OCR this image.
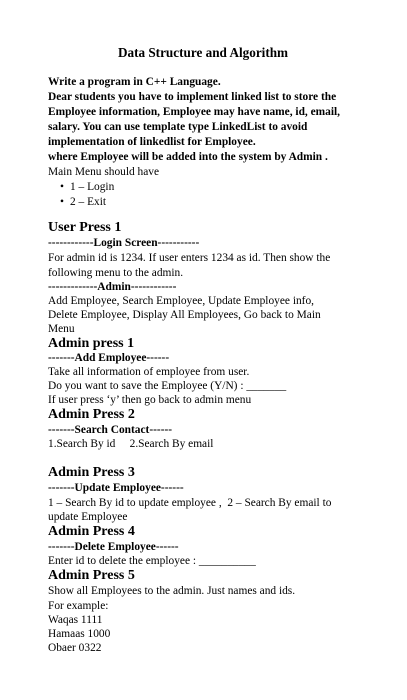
Data Structure and Algorithm
Write a program in C++ Language.
Dear students you have to implement linked list to store the
Employee information, Employee may have name, id, email,
salary. You can use template type LinkedList to avoid
implementation of linkedlist for Employee.
where Employee will be added into the system by Admin .
Main Menu should have
• 1 – Login
• 2 – Exit
User Press 1
------------Login Screen-----------
For admin id is 1234. If user enters 1234 as id. Then show the
following menu to the admin.
-------------Admin------------
Add Employee, Search Employee, Update Employee info,
Delete Employee, Display All Employees, Go back to Main
Menu
Admin press 1
-------Add Employee------
Take all information of employee from user.
Do you want to save the Employee (Y/N) : _______
If user press ‘y’ then go back to admin menu
Admin Press 2
-------Search Contact------
1.Search By id     2.Search By email
Admin Press 3
-------Update Employee------
1 – Search By id to update employee ,  2 – Search By email to
update Employee
Admin Press 4
-------Delete Employee------
Enter id to delete the employee : __________
Admin Press 5
Show all Employees to the admin. Just names and ids.
For example:
Waqas 1111
Hamaas 1000
Obaer 0322
